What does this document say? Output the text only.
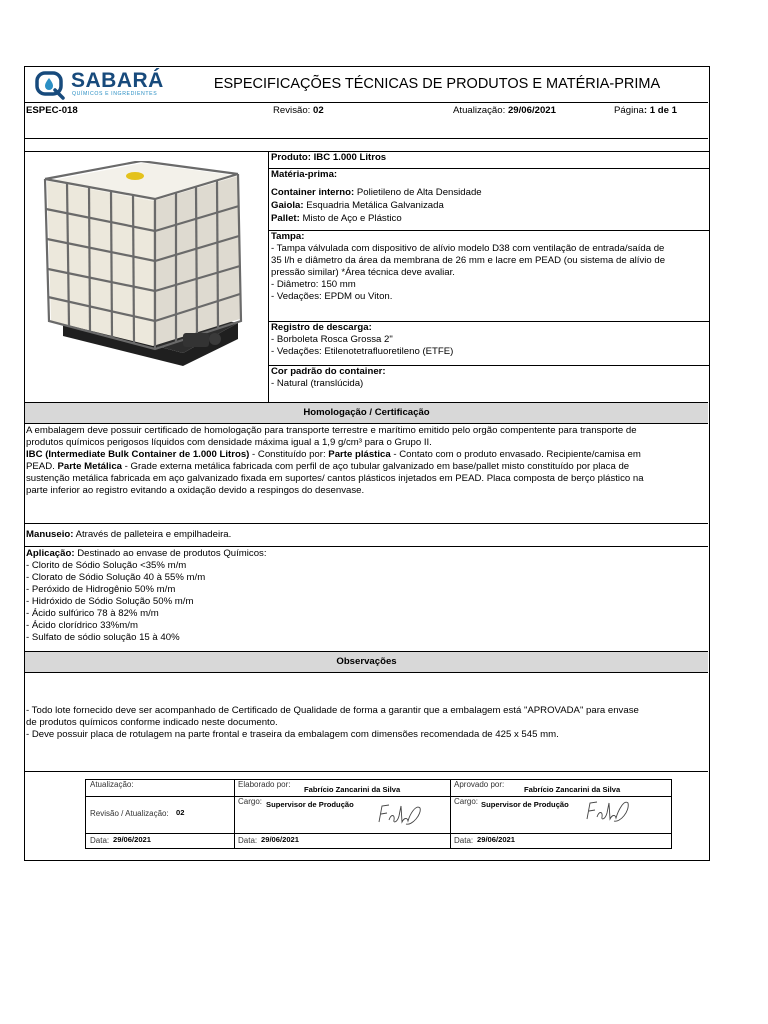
SABARÁ
QUÍMICOS E INGREDIENTES
ESPECIFICAÇÕES TÉCNICAS DE PRODUTOS E MATÉRIA-PRIMA
ESPEC-018	Revisão: 02	Atualização: 29/06/2021	Página: 1 de 1

Produto: IBC 1.000 Litros

Matéria-prima:

Container interno: Polietileno de Alta Densidade

Gaiola: Esquadria Metálica Galvanizada

Pallet: Misto de Aço e Plástico

Tampa:

- Tampa válvulada com dispositivo de alívio modelo D38 com ventilação de entrada/saída de

35 l/h e diâmetro da área da membrana de 26 mm e lacre em PEAD (ou sistema de alívio de

pressão similar) *Área técnica deve avaliar.

- Diâmetro: 150 mm

- Vedações: EPDM ou Viton.

Registro de descarga:

- Borboleta Rosca Grossa 2"

- Vedações: Etilenotetrafluoretileno (ETFE)

Cor padrão do container:

- Natural (translúcida)

Homologação / Certificação

A embalagem deve possuir certificado de homologação para transporte terrestre e marítimo emitido pelo orgão compentente para transporte de

produtos químicos perigosos líquidos com densidade máxima igual a 1,9 g/cm³ para o Grupo II.

IBC (Intermediate Bulk Container de 1.000 Litros) - Constituído por: Parte plástica - Contato com o produto envasado. Recipiente/camisa em

PEAD. Parte Metálica - Grade externa metálica fabricada com perfil de aço tubular galvanizado em base/pallet misto constituído por placa de

sustenção metálica fabricada em aço galvanizado fixada em suportes/ cantos plásticos injetados em PEAD. Placa composta de berço plástico na

parte inferior ao registro evitando a oxidação devido a respingos do desenvase.

Manuseio: Através de palleteira e empilhadeira.

Aplicação: Destinado ao envase de produtos Químicos:

- Clorito de Sódio Solução <35% m/m

- Clorato de Sódio Solução 40 à 55% m/m

- Peróxido de Hidrogênio 50% m/m

- Hidróxido de Sódio Solução 50% m/m

- Ácido sulfúrico 78 à 82% m/m

- Ácido clorídrico 33%m/m

- Sulfato de sódio solução 15 à 40%

Observações

- Todo lote fornecido deve ser acompanhado de Certificado de Qualidade de forma a garantir que a embalagem está "APROVADA" para envase

de produtos químicos conforme indicado neste documento.

- Deve possuir placa de rotulagem na parte frontal e traseira da embalagem com dimensões recomendada de 425 x 545 mm.

Atualização:
Revisão / Atualização: 02
Data: 29/06/2021
Elaborado por:
Fabrício Zancarini da Silva
Cargo: Supervisor de Produção
Data: 29/06/2021
Aprovado por:
Fabrício Zancarini da Silva
Cargo: Supervisor de Produção
Data: 29/06/2021
